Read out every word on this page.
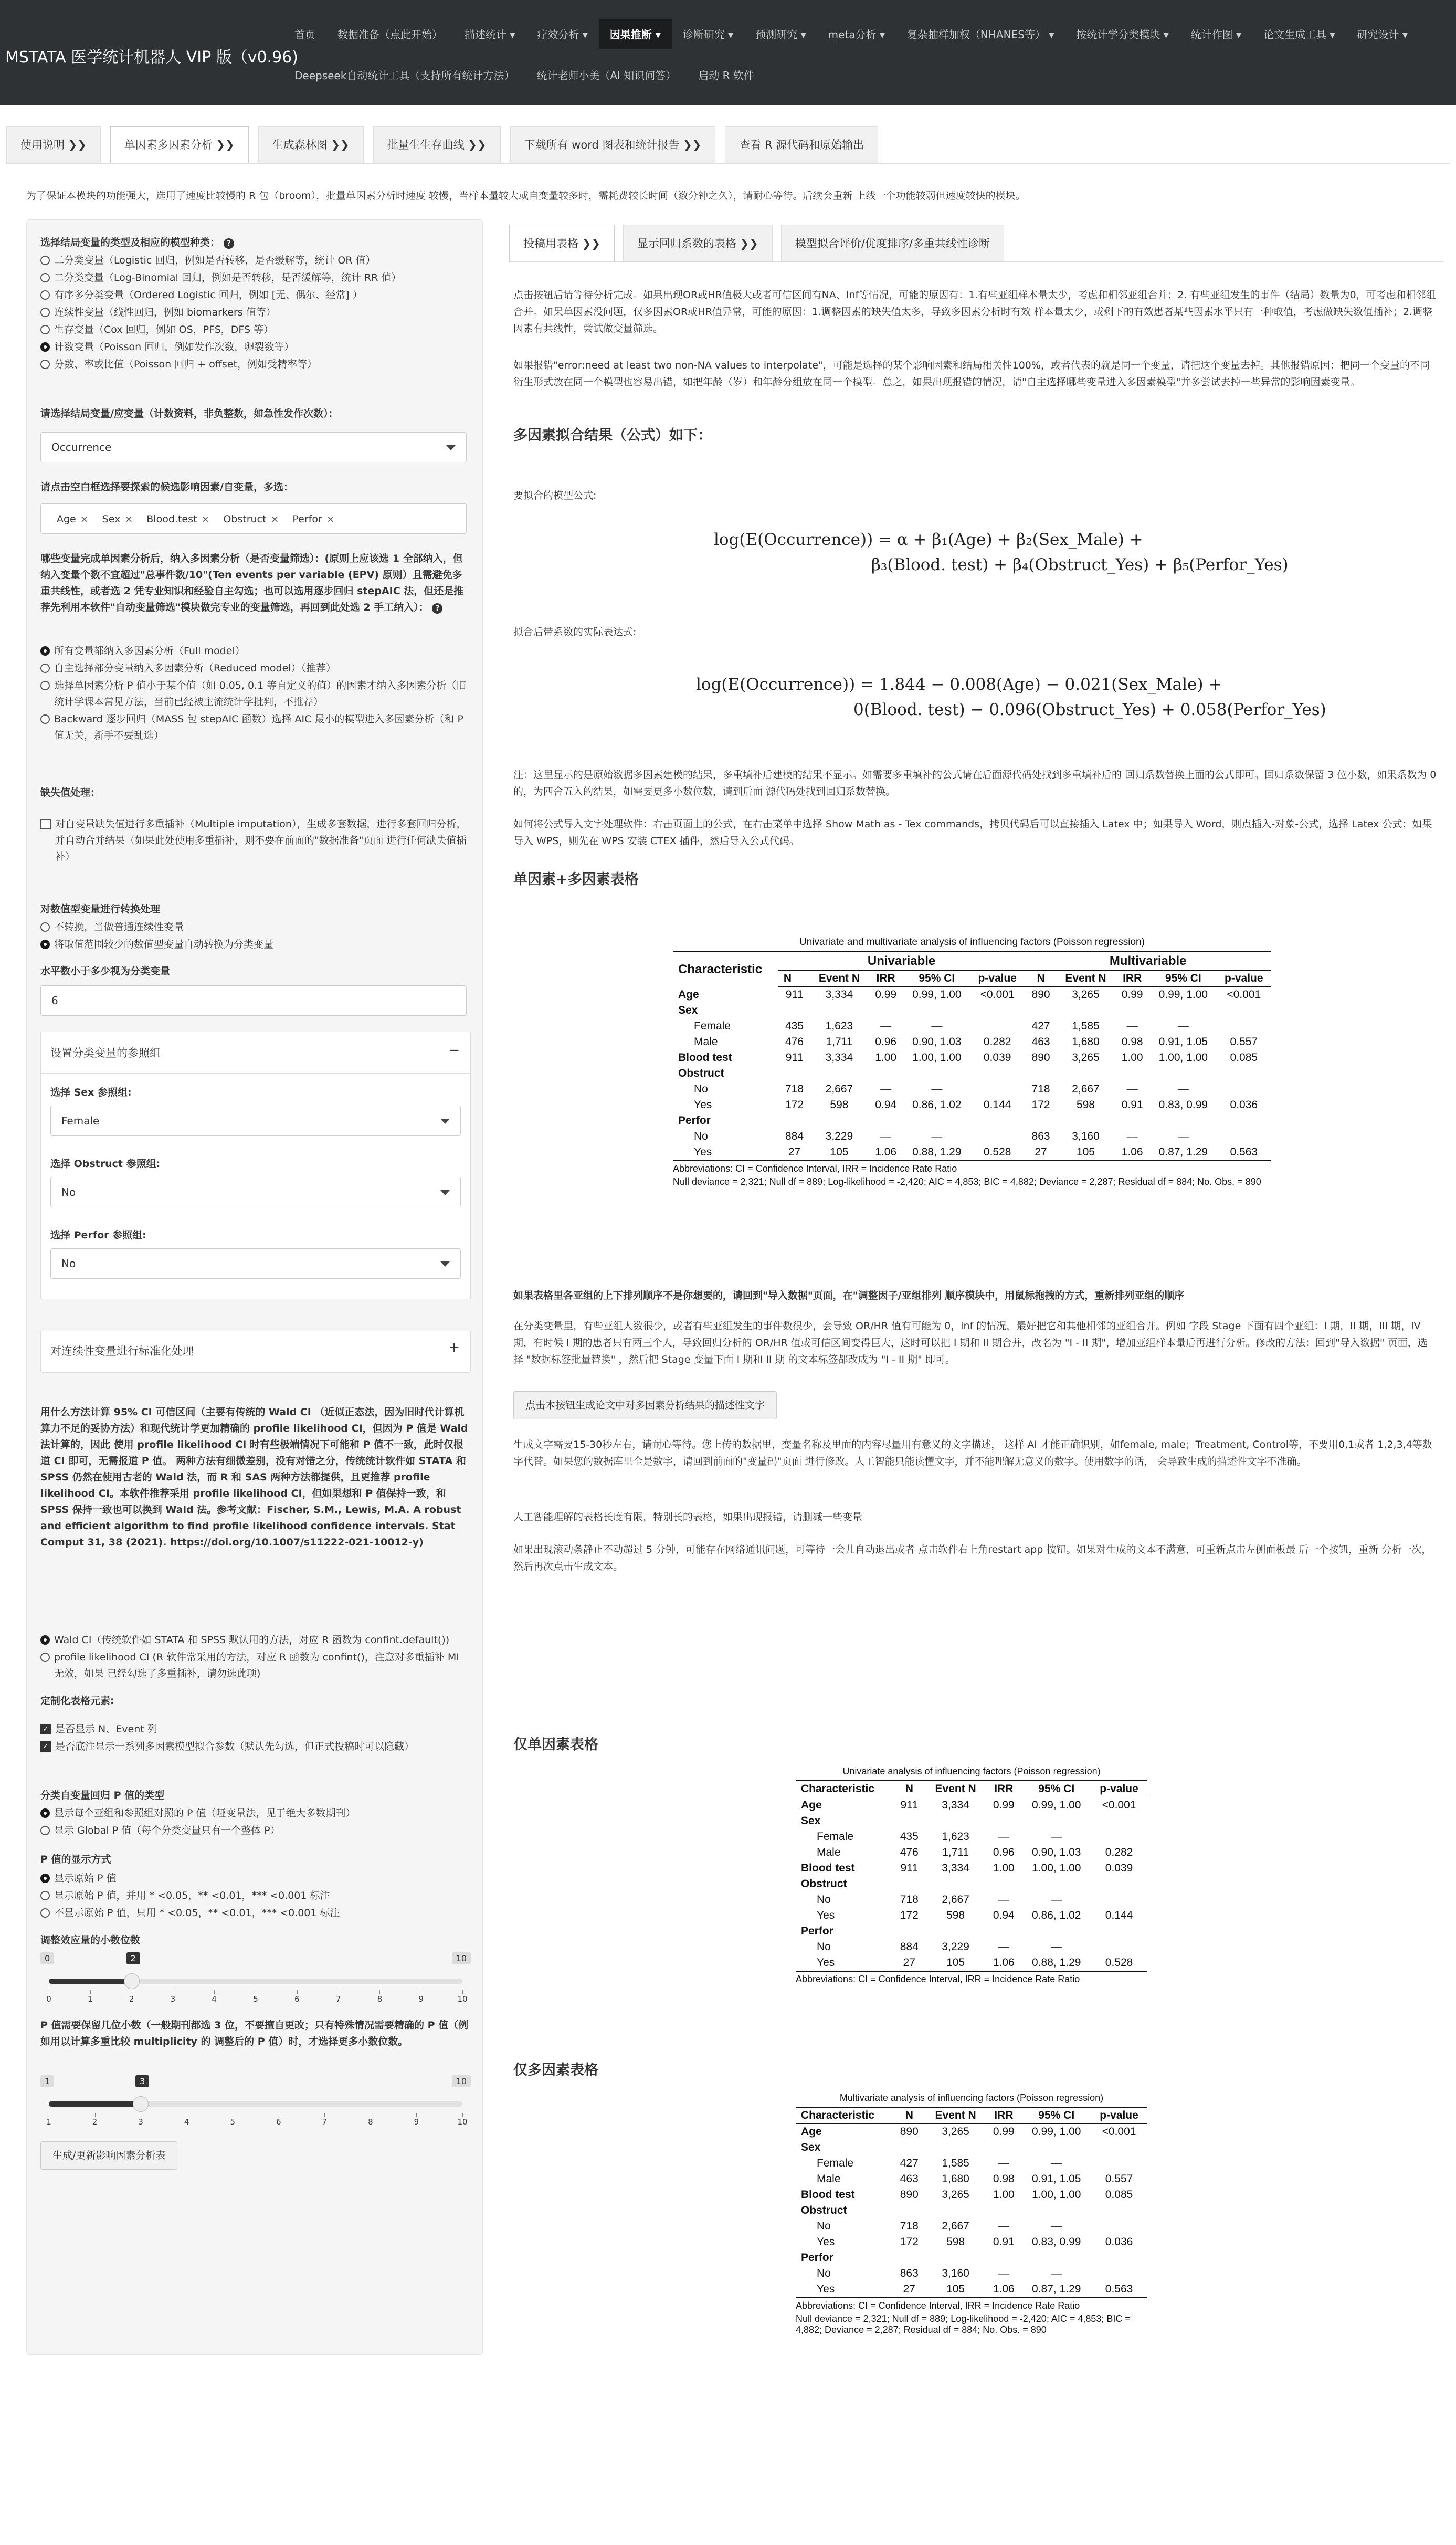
MSTATA 医学统计机器人 VIP 版（v0.96)
首页	数据准备（点此开始）	描述统计 ▾	疗效分析 ▾	因果推断 ▾	诊断研究 ▾	预测研究 ▾	meta分析 ▾	复杂抽样加权（NHANES等） ▾	按统计学分类模块 ▾	统计作图 ▾	论文生成工具 ▾	研究设计 ▾
Deepseek自动统计工具（支持所有统计方法）	统计老师小美（AI 知识问答）	启动 R 软件
使用说明 ❯❯	单因素多因素分析 ❯❯	生成森林图 ❯❯	批量生生存曲线 ❯❯	下载所有 word 图表和统计报告 ❯❯	查看 R 源代码和原始输出
为了保证本模块的功能强大，选用了速度比较慢的 R 包（broom），批量单因素分析时速度 较慢，当样本量较大或自变量较多时，需耗费较长时间（数分钟之久），请耐心等待。后续会重新 上线一个功能较弱但速度较快的模块。
选择结局变量的类型及相应的模型种类： ?
二分类变量（Logistic 回归，例如是否转移，是否缓解等，统计 OR 值）
二分类变量（Log-Binomial 回归，例如是否转移，是否缓解等，统计 RR 值）
有序多分类变量（Ordered Logistic 回归，例如 [无、偶尔、经常] ）
连续性变量（线性回归，例如 biomarkers 值等）
生存变量（Cox 回归，例如 OS，PFS，DFS 等）
计数变量（Poisson 回归，例如发作次数，卵裂数等）
分数、率或比值（Poisson 回归 + offset，例如受精率等）
请选择结局变量/应变量（计数资料，非负整数，如急性发作次数）：
Occurrence
请点击空白框选择要探索的候选影响因素/自变量，多选：
Age × Sex × Blood.test × Obstruct × Perfor ×
哪些变量完成单因素分析后，纳入多因素分析（是否变量筛选）：(原则上应该选 1 全部纳入，但纳入变量个数不宜超过"总事件数/10"(Ten events per variable (EPV) 原则）且需避免多重共线性，或者选 2 凭专业知识和经验自主勾选；也可以选用逐步回归 stepAIC 法，但还是推荐先利用本软件"自动变量筛选"模块做完专业的变量筛选，再回到此处选 2 手工纳入）： ?
所有变量都纳入多因素分析（Full model）
自主选择部分变量纳入多因素分析（Reduced model）（推荐）
选择单因素分析 P 值小于某个值（如 0.05, 0.1 等自定义的值）的因素才纳入多因素分析（旧统计学课本常见方法，当前已经被主流统计学批判，不推荐）
Backward 逐步回归（MASS 包 stepAIC 函数）选择 AIC 最小的模型进入多因素分析（和 P 值无关，新手不要乱选）
缺失值处理：
对自变量缺失值进行多重插补（Multiple imputation），生成多套数据，进行多套回归分析，并自动合并结果（如果此处使用多重插补，则不要在前面的"数据准备"页面 进行任何缺失值插补）
对数值型变量进行转换处理
不转换，当做普通连续性变量
将取值范围较少的数值型变量自动转换为分类变量
水平数小于多少视为分类变量
6
设置分类变量的参照组	−
选择 Sex 参照组:
Female
选择 Obstruct 参照组:
No
选择 Perfor 参照组:
No
对连续性变量进行标准化处理	+
用什么方法计算 95% CI 可信区间（主要有传统的 Wald CI （近似正态法，因为旧时代计算机算力不足的妥协方法）和现代统计学更加精确的 profile likelihood CI，但因为 P 值是 Wald 法计算的，因此 使用 profile likelihood CI 时有些极端情况下可能和 P 值不一致，此时仅报道 CI 即可，无需报道 P 值。 两种方法有细微差别，没有对错之分，传统统计软件如 STATA 和 SPSS 仍然在使用古老的 Wald 法，而 R 和 SAS 两种方法都提供，且更推荐 profile likelihood CI。本软件推荐采用 profile likelihood CI，但如果想和 P 值保持一致，和 SPSS 保持一致也可以换到 Wald 法。参考文献：Fischer, S.M., Lewis, M.A. A robust and efficient algorithm to find profile likelihood confidence intervals. Stat Comput 31, 38 (2021). https://doi.org/10.1007/s11222-021-10012-y)
Wald CI（传统软件如 STATA 和 SPSS 默认用的方法，对应 R 函数为 confint.default())
profile likelihood CI (R 软件常采用的方法，对应 R 函数为 confint()，注意对多重插补 MI 无效，如果 已经勾选了多重插补，请勿选此项)
定制化表格元素:
✓ 是否显示 N、Event 列
✓ 是否底注显示一系列多因素模型拟合参数（默认先勾选，但正式投稿时可以隐藏）
分类自变量回归 P 值的类型
显示每个亚组和参照组对照的 P 值（哑变量法，见于绝大多数期刊）
显示 Global P 值（每个分类变量只有一个整体 P）
P 值的显示方式
显示原始 P 值
显示原始 P 值，并用 * <0.05，** <0.01，*** <0.001 标注
不显示原始 P 值，只用 * <0.05，** <0.01，*** <0.001 标注
调整效应量的小数位数
2
0	10
0	1	2	3	4	5	6	7	8	9	10
P 值需要保留几位小数（一般期刊都选 3 位，不要擅自更改；只有特殊情况需要精确的 P 值（例如用以计算多重比较 multiplicity 的 调整后的 P 值）时，才选择更多小数位数。
3
1	10
1	2	3	4	5	6	7	8	9	10
生成/更新影响因素分析表
投稿用表格 ❯❯	显示回归系数的表格 ❯❯	模型拟合评价/优度排序/多重共线性诊断
点击按钮后请等待分析完成。如果出现OR或HR值极大或者可信区间有NA、Inf等情况，可能的原因有：1.有些亚组样本量太少，考虑和相邻亚组合并；2. 有些亚组发生的事件（结局）数量为0，可考虑和相邻组合并。如果单因素没问题，仅多因素OR或HR值异常，可能的原因：1.调整因素的缺失值太多，导致多因素分析时有效 样本量太少，或剩下的有效患者某些因素水平只有一种取值，考虑做缺失数值插补；2.调整因素有共线性，尝试做变量筛选。
如果报错"error:need at least two non-NA values to interpolate"，可能是选择的某个影响因素和结局相关性100%，或者代表的就是同一个变量，请把这个变量去掉。其他报错原因：把同一个变量的不同衍生形式放在同一个模型也容易出错，如把年龄（岁）和年龄分组放在同一个模型。总之，如果出现报错的情况，请"自主选择哪些变量进入多因素模型"并多尝试去掉一些异常的影响因素变量。
多因素拟合结果（公式）如下：
要拟合的模型公式:
log(E(Occurrence)) = α + β₁(Age) + β₂(Sex_Male) +
β₃(Blood. test) + β₄(Obstruct_Yes) + β₅(Perfor_Yes)
拟合后带系数的实际表达式:
log(E(Occurrence)) = 1.844 − 0.008(Age) − 0.021(Sex_Male) +
0(Blood. test) − 0.096(Obstruct_Yes) + 0.058(Perfor_Yes)
注：这里显示的是原始数据多因素建模的结果，多重填补后建模的结果不显示。如需要多重填补的公式请在后面源代码处找到多重填补后的 回归系数替换上面的公式即可。回归系数保留 3 位小数，如果系数为 0 的，为四舍五入的结果，如需要更多小数位数，请到后面 源代码处找到回归系数替换。
如何将公式导入文字处理软件：右击页面上的公式，在右击菜单中选择 Show Math as - Tex commands，拷贝代码后可以直接插入 Latex 中；如果导入 Word，则点插入-对象-公式，选择 Latex 公式；如果导入 WPS，则先在 WPS 安装 CTEX 插件，然后导入公式代码。
单因素+多因素表格
Univariate and multivariate analysis of influencing factors (Poisson regression)
Characteristic	Univariable					Multivariable				
	N	Event N	IRR	95% CI	p-value	N	Event N	IRR	95% CI	p-value
Age	911	3,334	0.99	0.99, 1.00	<0.001	890	3,265	0.99	0.99, 1.00	<0.001
Sex										
Female	435	1,623	—	—		427	1,585	—	—	
Male	476	1,711	0.96	0.90, 1.03	0.282	463	1,680	0.98	0.91, 1.05	0.557
Blood test	911	3,334	1.00	1.00, 1.00	0.039	890	3,265	1.00	1.00, 1.00	0.085
Obstruct										
No	718	2,667	—	—		718	2,667	—	—	
Yes	172	598	0.94	0.86, 1.02	0.144	172	598	0.91	0.83, 0.99	0.036
Perfor										
No	884	3,229	—	—		863	3,160	—	—	
Yes	27	105	1.06	0.88, 1.29	0.528	27	105	1.06	0.87, 1.29	0.563
Abbreviations: CI = Confidence Interval, IRR = Incidence Rate Ratio
Null deviance = 2,321; Null df = 889; Log-likelihood = -2,420; AIC = 4,853; BIC = 4,882; Deviance = 2,287; Residual df = 884; No. Obs. = 890
如果表格里各亚组的上下排列顺序不是你想要的，请回到"导入数据"页面，在"调整因子/亚组排列 顺序模块中，用鼠标拖拽的方式，重新排列亚组的顺序
在分类变量里，有些亚组人数很少，或者有些亚组发生的事件数很少，会导致 OR/HR 值有可能为 0，inf 的情况，最好把它和其他相邻的亚组合并。例如 字段 Stage 下面有四个亚组：I 期，II 期，III 期，IV 期，有时候 I 期的患者只有两三个人，导致回归分析的 OR/HR 值或可信区间变得巨大，这时可以把 I 期和 II 期合并，改名为 "I - II 期"，增加亚组样本量后再进行分析。修改的方法：回到"导入数据" 页面，选择 "数据标签批量替换" ，然后把 Stage 变量下面 I 期和 II 期 的文本标签都改成为 "I - II 期" 即可。
点击本按钮生成论文中对多因素分析结果的描述性文字
生成文字需要15-30秒左右，请耐心等待。您上传的数据里，变量名称及里面的内容尽量用有意义的文字描述， 这样 AI 才能正确识别，如female, male；Treatment, Control等，不要用0,1或者 1,2,3,4等数字代替。如果您的数据库里全是数字，请回到前面的"变量码"页面 进行修改。人工智能只能读懂文字，并不能理解无意义的数字。使用数字的话， 会导致生成的描述性文字不准确。
人工智能理解的表格长度有限，特别长的表格，如果出现报错，请删减一些变量
如果出现滚动条静止不动超过 5 分钟，可能存在网络通讯问题，可等待一会儿自动退出或者 点击软件右上角restart app 按钮。如果对生成的文本不满意，可重新点击左侧面板最 后一个按钮，重新 分析一次，然后再次点击生成文本。
仅单因素表格
Univariate analysis of influencing factors (Poisson regression)
Characteristic	N	Event N	IRR	95% CI	p-value
Age	911	3,334	0.99	0.99, 1.00	<0.001
Sex					
Female	435	1,623	—	—	
Male	476	1,711	0.96	0.90, 1.03	0.282
Blood test	911	3,334	1.00	1.00, 1.00	0.039
Obstruct					
No	718	2,667	—	—	
Yes	172	598	0.94	0.86, 1.02	0.144
Perfor					
No	884	3,229	—	—	
Yes	27	105	1.06	0.88, 1.29	0.528
Abbreviations: CI = Confidence Interval, IRR = Incidence Rate Ratio
仅多因素表格
Multivariate analysis of influencing factors (Poisson regression)
Characteristic	N	Event N	IRR	95% CI	p-value
Age	890	3,265	0.99	0.99, 1.00	<0.001
Sex					
Female	427	1,585	—	—	
Male	463	1,680	0.98	0.91, 1.05	0.557
Blood test	890	3,265	1.00	1.00, 1.00	0.085
Obstruct					
No	718	2,667	—	—	
Yes	172	598	0.91	0.83, 0.99	0.036
Perfor					
No	863	3,160	—	—	
Yes	27	105	1.06	0.87, 1.29	0.563
Abbreviations: CI = Confidence Interval, IRR = Incidence Rate Ratio
Null deviance = 2,321; Null df = 889; Log-likelihood = -2,420; AIC = 4,853; BIC = 4,882; Deviance = 2,287; Residual df = 884; No. Obs. = 890
